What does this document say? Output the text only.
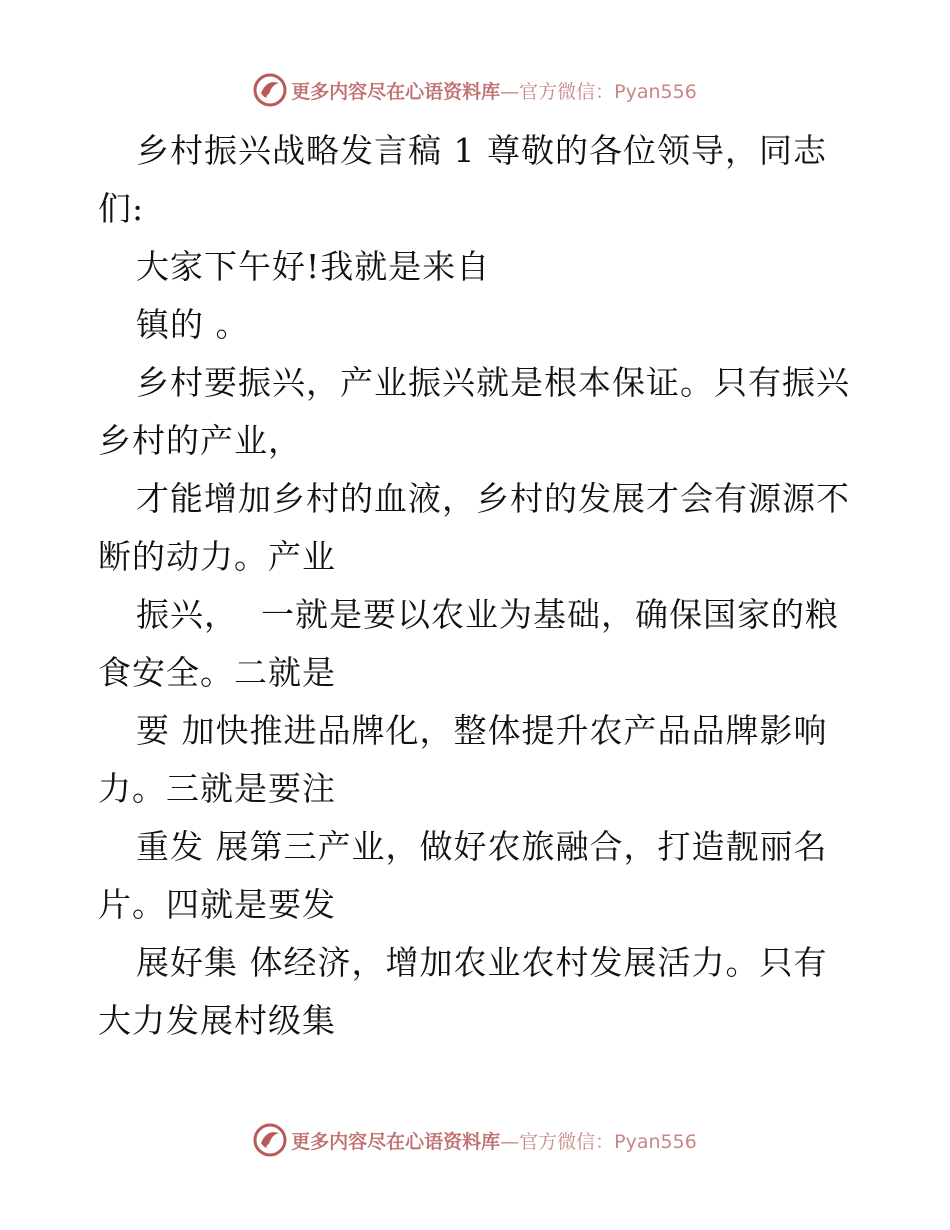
更多内容尽在心语资料库—官方微信：Pyan556

乡村振兴战略发言稿 1 尊敬的各位领导，同志们:

大家下午好!我就是来自

镇的 。

乡村要振兴，产业振兴就是根本保证。只有振兴乡村的产业，

才能增加乡村的血液，乡村的发展才会有源源不断的动力。产业

振兴，  一就是要以农业为基础，确保国家的粮食安全。二就是

要 加快推进品牌化，整体提升农产品品牌影响力。三就是要注

重发 展第三产业，做好农旅融合，打造靓丽名片。四就是要发

展好集 体经济，增加农业农村发展活力。只有大力发展村级集

更多内容尽在心语资料库—官方微信：Pyan556
